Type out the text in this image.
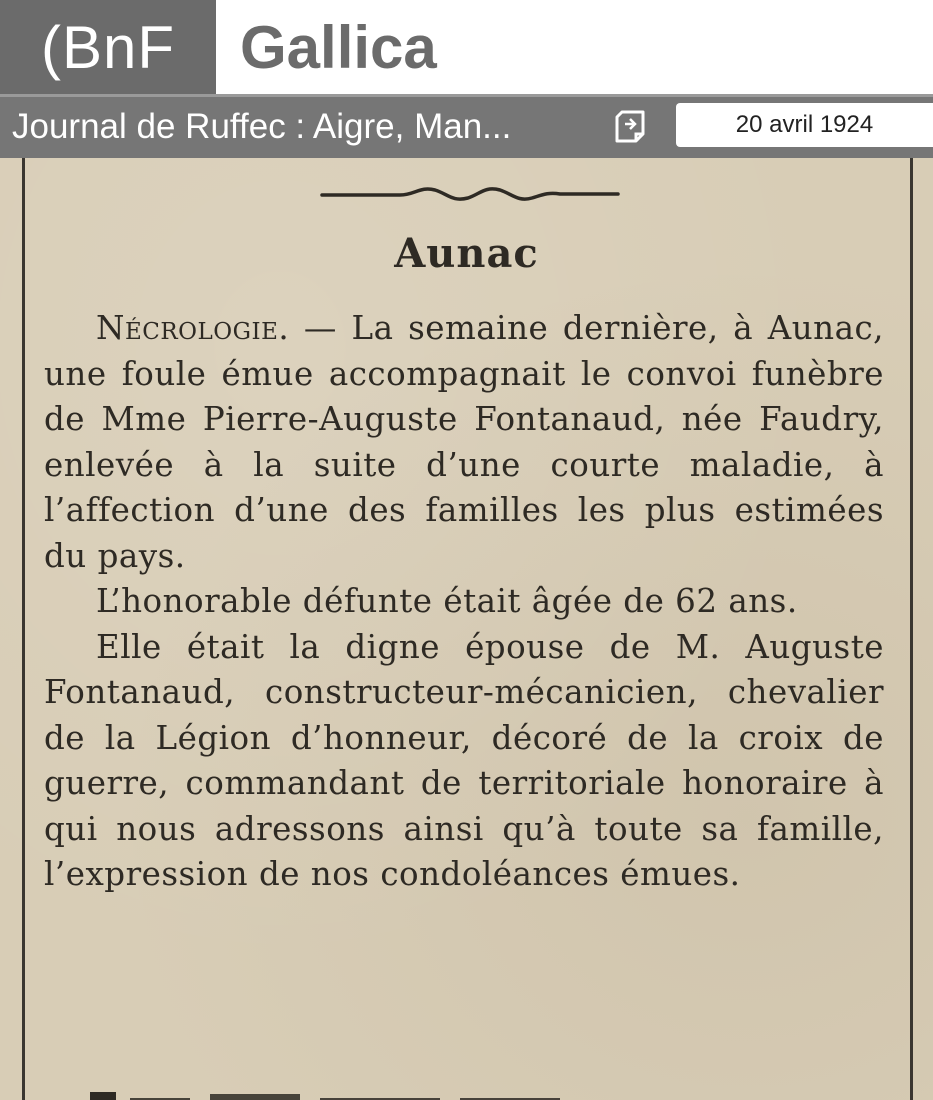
(BnF Gallica
Journal de Ruffec : Aigre, Man...	20 avril 1924
Aunac

Nécrologie. — La semaine dernière, à Aunac, une foule émue accompagnait le convoi funèbre de Mme Pierre-Auguste Fontanaud, née Faudry, enlevée à la suite d’une courte maladie, à l’affection d’une des familles les plus estimées du pays.

L’honorable défunte était âgée de 62 ans.

Elle était la digne épouse de M. Auguste Fontanaud, constructeur-mécanicien, chevalier de la Légion d’honneur, décoré de la croix de guerre, commandant de territoriale honoraire à qui nous adressons ainsi qu’à toute sa famille, l’expression de nos condoléances émues.
